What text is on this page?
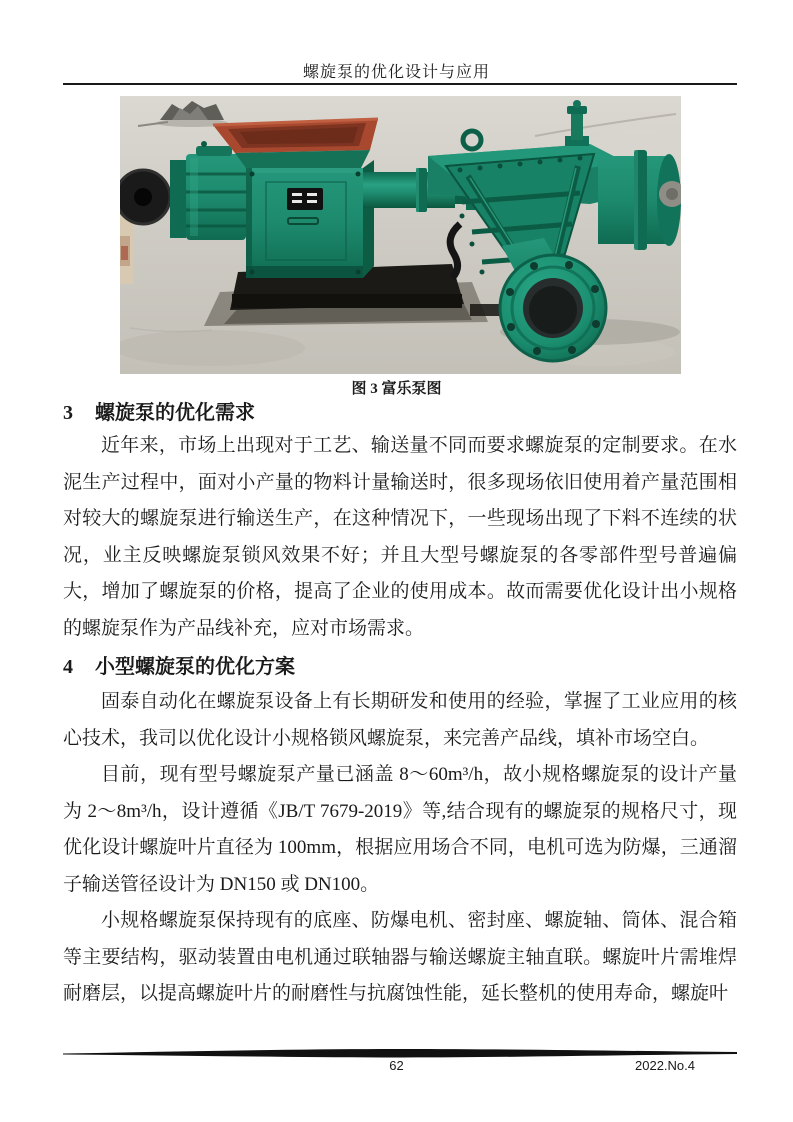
螺旋泵的优化设计与应用
图 3 富乐泵图
3 螺旋泵的优化需求

近年来，市场上出现对于工艺、输送量不同而要求螺旋泵的定制要求。在水泥生产过程中，面对小产量的物料计量输送时，很多现场依旧使用着产量范围相对较大的螺旋泵进行输送生产，在这种情况下，一些现场出现了下料不连续的状况，业主反映螺旋泵锁风效果不好；并且大型号螺旋泵的各零部件型号普遍偏大，增加了螺旋泵的价格，提高了企业的使用成本。故而需要优化设计出小规格的螺旋泵作为产品线补充，应对市场需求。

4 小型螺旋泵的优化方案

固泰自动化在螺旋泵设备上有长期研发和使用的经验，掌握了工业应用的核心技术，我司以优化设计小规格锁风螺旋泵，来完善产品线，填补市场空白。

目前，现有型号螺旋泵产量已涵盖 8～60m³/h，故小规格螺旋泵的设计产量为 2～8m³/h，设计遵循《JB/T 7679-2019》等,结合现有的螺旋泵的规格尺寸，现优化设计螺旋叶片直径为 100mm，根据应用场合不同，电机可选为防爆，三通溜子输送管径设计为 DN150 或 DN100。

小规格螺旋泵保持现有的底座、防爆电机、密封座、螺旋轴、筒体、混合箱等主要结构，驱动装置由电机通过联轴器与输送螺旋主轴直联。螺旋叶片需堆焊耐磨层，以提高螺旋叶片的耐磨性与抗腐蚀性能，延长整机的使用寿命，螺旋叶

62	2022.No.4
